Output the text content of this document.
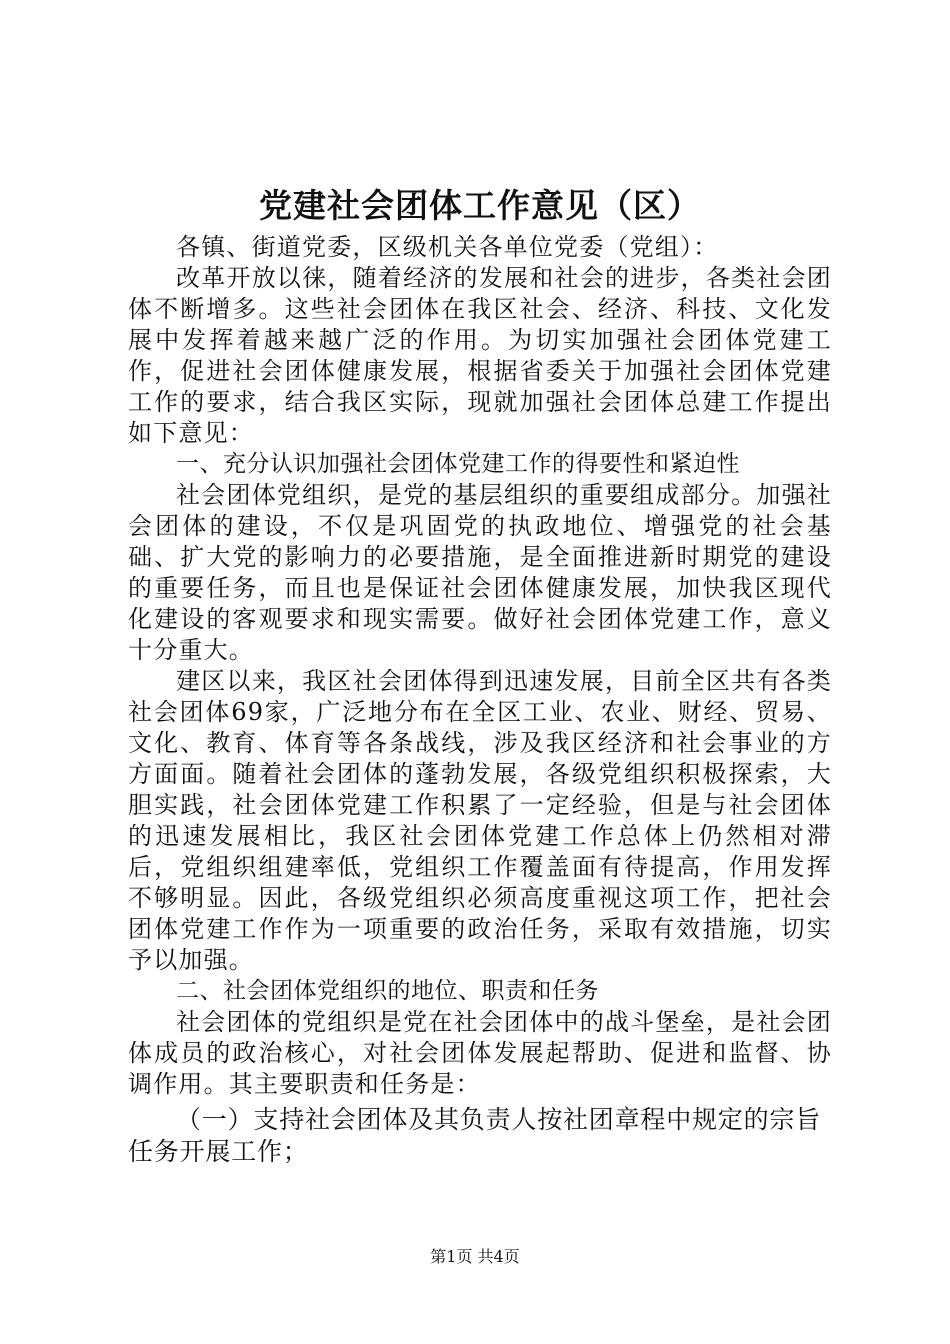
党建社会团体工作意见（区）

各镇、街道党委，区级机关各单位党委（党组）：

改革开放以徕，随着经济的发展和社会的进步，各类社会团体不断增多。这些社会团体在我区社会、经济、科技、文化发展中发挥着越来越广泛的作用。为切实加强社会团体党建工作，促进社会团体健康发展，根据省委关于加强社会团体党建工作的要求，结合我区实际，现就加强社会团体总建工作提出如下意见：

一、充分认识加强社会团体党建工作的得要性和紧迫性

社会团体党组织，是党的基层组织的重要组成部分。加强社会团体的建设，不仅是巩固党的执政地位、增强党的社会基础、扩大党的影响力的必要措施，是全面推进新时期党的建设的重要任务，而且也是保证社会团体健康发展，加快我区现代化建设的客观要求和现实需要。做好社会团体党建工作，意义十分重大。

建区以来，我区社会团体得到迅速发展，目前全区共有各类社会团体69家，广泛地分布在全区工业、农业、财经、贸易、文化、教育、体育等各条战线，涉及我区经济和社会事业的方方面面。随着社会团体的蓬勃发展，各级党组织积极探索，大胆实践，社会团体党建工作积累了一定经验，但是与社会团体的迅速发展相比，我区社会团体党建工作总体上仍然相对滞后，党组织组建率低，党组织工作覆盖面有待提高，作用发挥不够明显。因此，各级党组织必须高度重视这项工作，把社会团体党建工作作为一项重要的政治任务，采取有效措施，切实予以加强。

二、社会团体党组织的地位、职责和任务

社会团体的党组织是党在社会团体中的战斗堡垒，是社会团体成员的政治核心，对社会团体发展起帮助、促进和监督、协调作用。其主要职责和任务是：

（一）支持社会团体及其负责人按社团章程中规定的宗旨任务开展工作；

第1页 共4页
